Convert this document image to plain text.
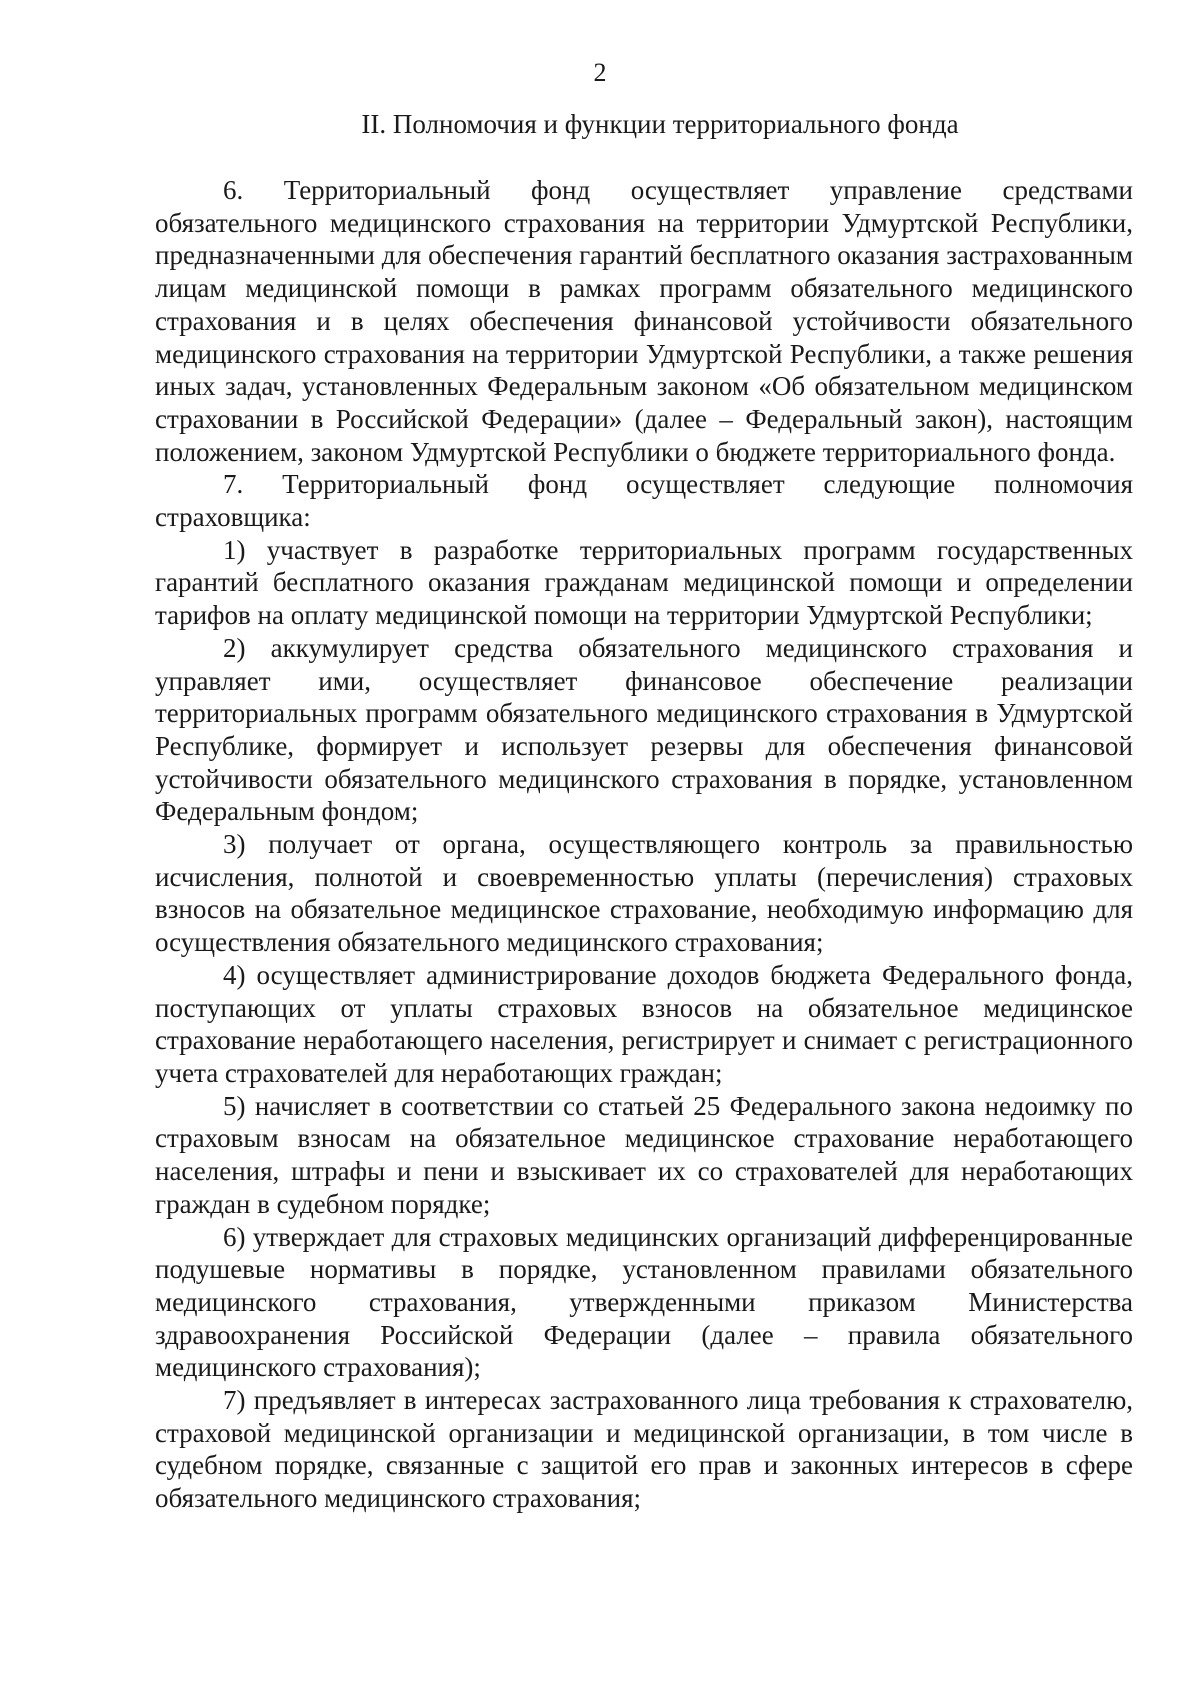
2
II. Полномочия и функции территориального фонда

6. Территориальный фонд осуществляет управление средствами обязательного медицинского страхования на территории Удмуртской Республики, предназначенными для обеспечения гарантий бесплатного оказания застрахованным лицам медицинской помощи в рамках программ обязательного медицинского страхования и в целях обеспечения финансовой устойчивости обязательного медицинского страхования на территории Удмуртской Республики, а также решения иных задач, установленных Федеральным законом «Об обязательном медицинском страховании в Российской Федерации» (далее – Федеральный закон), настоящим положением, законом Удмуртской Республики о бюджете территориального фонда.

7. Территориальный фонд осуществляет следующие полномочия страховщика:

1) участвует в разработке территориальных программ государственных гарантий бесплатного оказания гражданам медицинской помощи и определении тарифов на оплату медицинской помощи на территории Удмуртской Республики;

2) аккумулирует средства обязательного медицинского страхования и управляет ими, осуществляет финансовое обеспечение реализации территориальных программ обязательного медицинского страхования в Удмуртской Республике, формирует и использует резервы для обеспечения финансовой устойчивости обязательного медицинского страхования в порядке, установленном Федеральным фондом;

3) получает от органа, осуществляющего контроль за правильностью исчисления, полнотой и своевременностью уплаты (перечисления) страховых взносов на обязательное медицинское страхование, необходимую информацию для осуществления обязательного медицинского страхования;

4) осуществляет администрирование доходов бюджета Федерального фонда, поступающих от уплаты страховых взносов на обязательное медицинское страхование неработающего населения, регистрирует и снимает с регистрационного учета страхователей для неработающих граждан;

5) начисляет в соответствии со статьей 25 Федерального закона недоимку по страховым взносам на обязательное медицинское страхование неработающего населения, штрафы и пени и взыскивает их со страхователей для неработающих граждан в судебном порядке;

6) утверждает для страховых медицинских организаций дифференцированные подушевые нормативы в порядке, установленном правилами обязательного медицинского страхования, утвержденными приказом Министерства здравоохранения Российской Федерации (далее – правила обязательного медицинского страхования);

7) предъявляет в интересах застрахованного лица требования к страхователю, страховой медицинской организации и медицинской организации, в том числе в судебном порядке, связанные с защитой его прав и законных интересов в сфере обязательного медицинского страхования;
